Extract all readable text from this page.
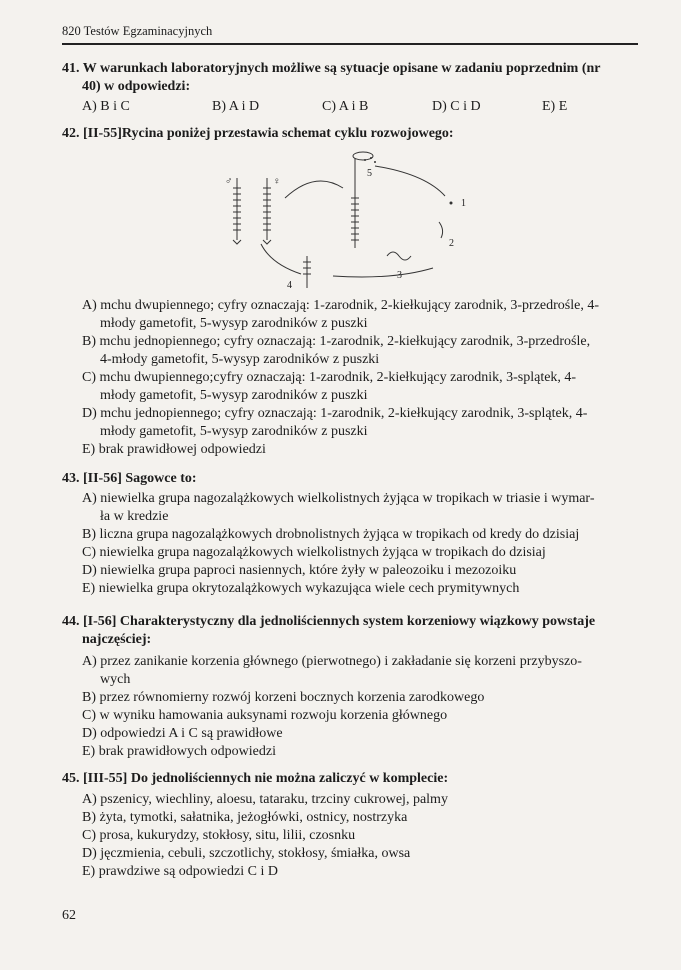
820 Testów Egzaminacyjnych
41. W warunkach laboratoryjnych możliwe są sytuacje opisane w zadaniu poprzednim (nr
40) w odpowiedzi:
A) B i C	B) A i D	C) A i B	D) C i D	E) E
42. [II-55]Rycina poniżej przestawia schemat cyklu rozwojowego:
♂	♀
5
1
2
3
4
A) mchu dwupiennego; cyfry oznaczają: 1-zarodnik, 2-kiełkujący zarodnik, 3-przedrośle, 4-
młody gametofit, 5-wysyp zarodników z puszki
B) mchu jednopiennego; cyfry oznaczają: 1-zarodnik, 2-kiełkujący zarodnik, 3-przedrośle,
4-młody gametofit, 5-wysyp zarodników z puszki
C) mchu dwupiennego;cyfry oznaczają: 1-zarodnik, 2-kiełkujący zarodnik, 3-splątek, 4-
młody gametofit, 5-wysyp zarodników z puszki
D) mchu jednopiennego; cyfry oznaczają: 1-zarodnik, 2-kiełkujący zarodnik, 3-splątek, 4-
młody gametofit, 5-wysyp zarodników z puszki
E) brak prawidłowej odpowiedzi
43. [II-56] Sagowce to:
A) niewielka grupa nagozalążkowych wielkolistnych żyjąca w tropikach w triasie i wymar-
ła w kredzie
B) liczna grupa nagozalążkowych drobnolistnych żyjąca w tropikach od kredy do dzisiaj
C) niewielka grupa nagozalążkowych wielkolistnych żyjąca w tropikach do dzisiaj
D) niewielka grupa paproci nasiennych, które żyły w paleozoiku i mezozoiku
E) niewielka grupa okrytozalążkowych wykazująca wiele cech prymitywnych
44. [I-56] Charakterystyczny dla jednoliściennych system korzeniowy wiązkowy powstaje
najczęściej:
A) przez zanikanie korzenia głównego (pierwotnego) i zakładanie się korzeni przybyszo-
wych
B) przez równomierny rozwój korzeni bocznych korzenia zarodkowego
C) w wyniku hamowania auksynami rozwoju korzenia głównego
D) odpowiedzi A i C są prawidłowe
E) brak prawidłowych odpowiedzi
45. [III-55] Do jednoliściennych nie można zaliczyć w komplecie:
A) pszenicy, wiechliny, aloesu, tataraku, trzciny cukrowej, palmy
B) żyta, tymotki, sałatnika, jeżogłówki, ostnicy, nostrzyka
C) prosa, kukurydzy, stokłosy, situ, lilii, czosnku
D) jęczmienia, cebuli, szczotlichy, stokłosy, śmiałka, owsa
E) prawdziwe są odpowiedzi C i D
62
